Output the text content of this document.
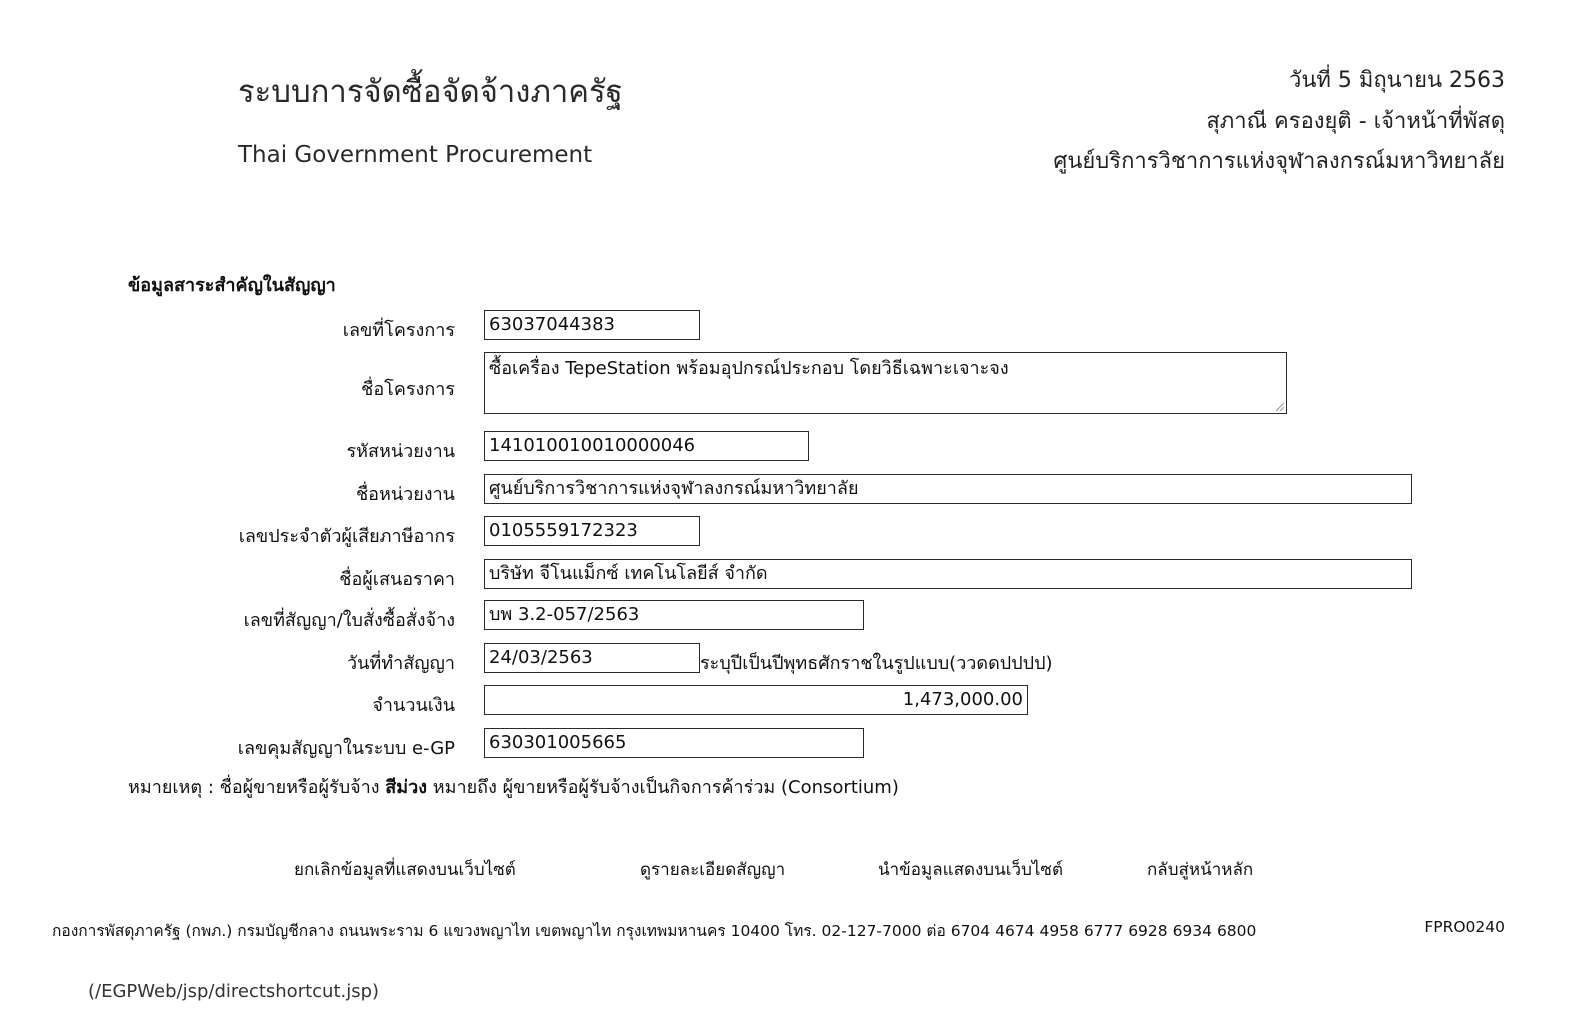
ระบบการจัดซื้อจัดจ้างภาครัฐ
Thai Government Procurement
วันที่ 5 มิถุนายน 2563
สุภาณี ครองยุติ - เจ้าหน้าที่พัสดุ
ศูนย์บริการวิชาการแห่งจุฬาลงกรณ์มหาวิทยาลัย
ข้อมูลสาระสำคัญในสัญญา
เลขที่โครงการ 63037044383
ชื่อโครงการ
ซื้อเครื่อง TepeStation พร้อมอุปกรณ์ประกอบ โดยวิธีเฉพาะเจาะจง
รหัสหน่วยงาน 141010010010000046
ชื่อหน่วยงาน ศูนย์บริการวิชาการแห่งจุฬาลงกรณ์มหาวิทยาลัย
เลขประจำตัวผู้เสียภาษีอากร 0105559172323
ชื่อผู้เสนอราคา บริษัท จีโนแม็กซ์ เทคโนโลยีส์ จำกัด
เลขที่สัญญา/ใบสั่งซื้อสั่งจ้าง บพ 3.2-057/2563
วันที่ทำสัญญา 24/03/2563	ระบุปีเป็นปีพุทธศักราชในรูปแบบ(ววดดปปปป)
จำนวนเงิน	1,473,000.00
เลขคุมสัญญาในระบบ e-GP 630301005665
หมายเหตุ : ชื่อผู้ขายหรือผู้รับจ้าง สีม่วง หมายถึง ผู้ขายหรือผู้รับจ้างเป็นกิจการค้าร่วม (Consortium)
ยกเลิกข้อมูลที่แสดงบนเว็บไซต์	ดูรายละเอียดสัญญา	นำข้อมูลแสดงบนเว็บไซต์	กลับสู่หน้าหลัก
กองการพัสดุภาครัฐ (กพภ.) กรมบัญชีกลาง ถนนพระราม 6 แขวงพญาไท เขตพญาไท กรุงเทพมหานคร 10400 โทร. 02-127-7000 ต่อ 6704 4674 4958 6777 6928 6934 6800	FPRO0240
(/EGPWeb/jsp/directshortcut.jsp)
